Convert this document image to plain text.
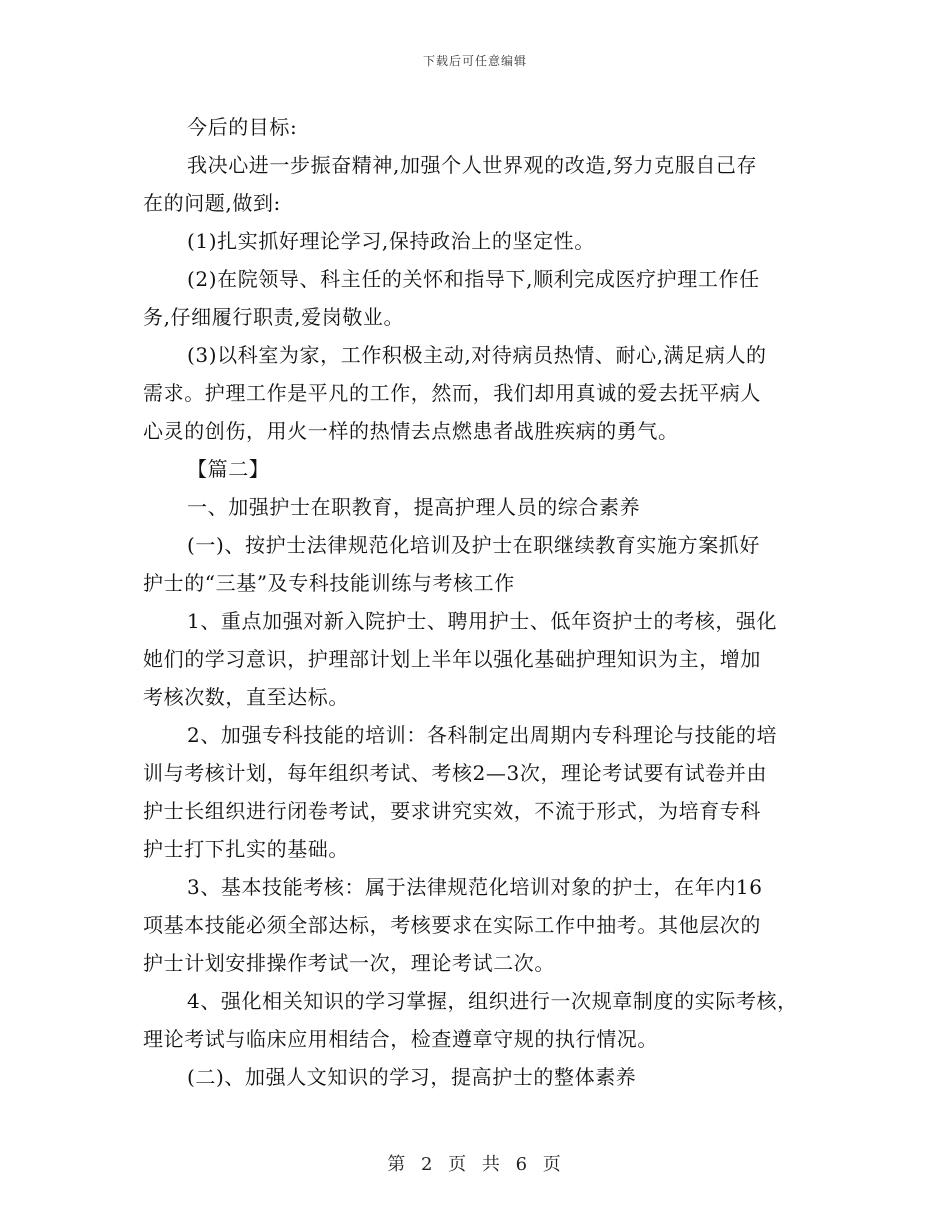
下载后可任意编辑
今后的目标:
我决心进一步振奋精神,加强个人世界观的改造,努力克服自己存
在的问题,做到:
(1)扎实抓好理论学习,保持政治上的坚定性。
(2)在院领导、科主任的关怀和指导下,顺利完成医疗护理工作任
务,仔细履行职责,爱岗敬业。
(3)以科室为家，工作积极主动,对待病员热情、耐心,满足病人的
需求。护理工作是平凡的工作，然而，我们却用真诚的爱去抚平病人
心灵的创伤，用火一样的热情去点燃患者战胜疾病的勇气。
【篇二】
一、加强护士在职教育，提高护理人员的综合素养
(一)、按护士法律规范化培训及护士在职继续教育实施方案抓好
护士的“三基”及专科技能训练与考核工作
1、重点加强对新入院护士、聘用护士、低年资护士的考核，强化
她们的学习意识，护理部计划上半年以强化基础护理知识为主，增加
考核次数，直至达标。
2、加强专科技能的培训：各科制定出周期内专科理论与技能的培
训与考核计划，每年组织考试、考核2—3次，理论考试要有试卷并由
护士长组织进行闭卷考试，要求讲究实效，不流于形式，为培育专科
护士打下扎实的基础。
3、基本技能考核：属于法律规范化培训对象的护士，在年内16
项基本技能必须全部达标，考核要求在实际工作中抽考。其他层次的
护士计划安排操作考试一次，理论考试二次。
4、强化相关知识的学习掌握，组织进行一次规章制度的实际考核，
理论考试与临床应用相结合，检查遵章守规的执行情况。
(二)、加强人文知识的学习，提高护士的整体素养
第 2 页 共 6 页
